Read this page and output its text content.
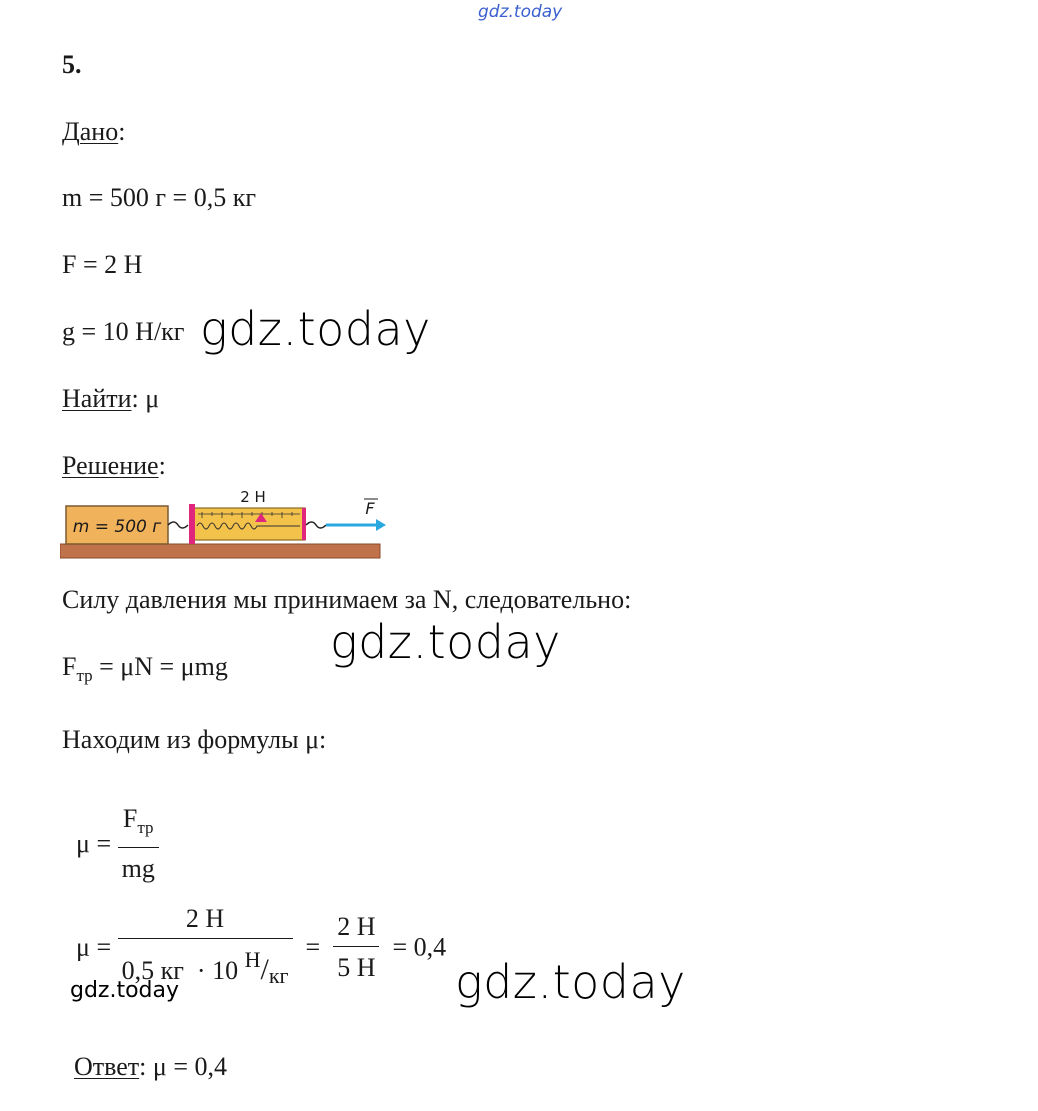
gdz.today
5.
Дано:
m = 500 г = 0,5 кг
F = 2 Н
g = 10 Н/кг gdz.today
Найти: μ
Решение:
m = 500 г
2 Н
F
Силу давления мы принимаем за N, следовательно:
gdz.today
$F_{тр} = \mu N = \mu mg$
Находим из формулы μ:
$\mu = \frac{F_{тр}}{mg}$
$\mu = \frac{2 Н}{0,5 кг \cdot 10 ^Н/кг} = \frac{2 Н}{5 Н} = 0,4$
gdz.today
gdz.today
Ответ: μ = 0,4
